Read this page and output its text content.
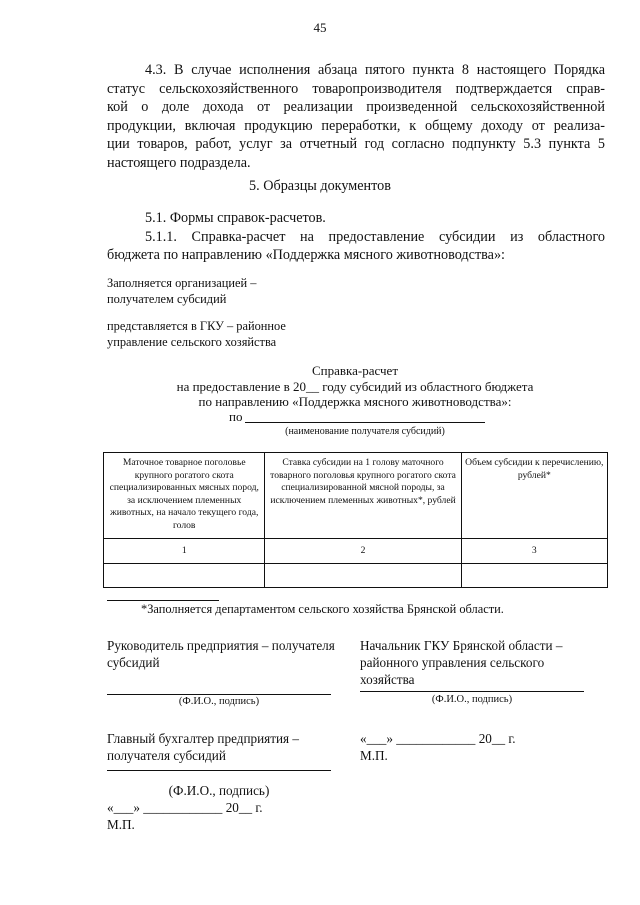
45
4.3. В случае исполнения абзаца пятого пункта 8 настоящего Порядка
статус сельскохозяйственного товаропроизводителя подтверждается справ-
кой о доле дохода от реализации произведенной сельскохозяйственной
продукции, включая продукцию переработки, к общему доходу от реализа-
ции товаров, работ, услуг за отчетный год согласно подпункту 5.3 пункта 5
настоящего подраздела.
5. Образцы документов
5.1. Формы справок-расчетов.
5.1.1. Справка-расчет на предоставление субсидии из областного
бюджета по направлению «Поддержка мясного животноводства»:
Заполняется организацией –
получателем субсидий
представляется в ГКУ – районное
управление сельского хозяйства
Справка-расчет
на предоставление в 20__ году субсидий из областного бюджета
по направлению «Поддержка мясного животноводства»:
по
(наименование получателя субсидий)
Маточное товарное поголовье крупного рогатого скота специализированных мясных пород, за исключением племенных животных, на начало текущего года, голов	Ставка субсидии на 1 голову маточного товарного поголовья крупного рогатого скота специализированной мясной породы, за исключением племенных животных*, рублей	Объем субсидии к перечислению, рублей*
1	2	3

*Заполняется департаментом сельского хозяйства Брянской области.
Руководитель предприятия – получателя
субсидий
Начальник ГКУ Брянской области –
районного управления сельского
хозяйства
(Ф.И.О., подпись)	(Ф.И.О., подпись)
Главный бухгалтер предприятия –
получателя субсидий
«___» ____________ 20__ г.
М.П.
(Ф.И.О., подпись)
«___» ____________ 20__ г.
М.П.
